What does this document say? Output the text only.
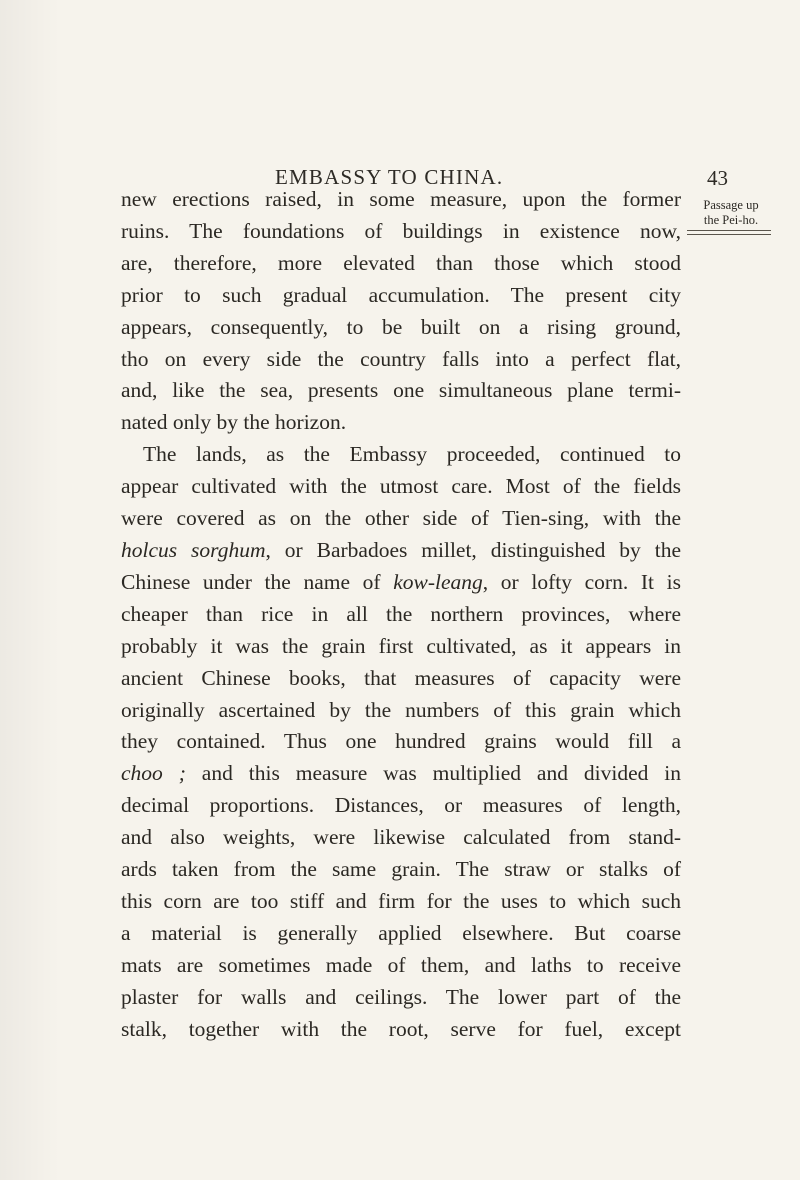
EMBASSY TO CHINA.	43
Passage up
the Pei-ho.
new erections raised, in some measure, upon the former
ruins. The foundations of buildings in existence now,
are, therefore, more elevated than those which stood
prior to such gradual accumulation. The present city
appears, consequently, to be built on a rising ground,
tho on every side the country falls into a perfect flat,
and, like the sea, presents one simultaneous plane termi-
nated only by the horizon.
The lands, as the Embassy proceeded, continued to
appear cultivated with the utmost care. Most of the fields
were covered as on the other side of Tien-sing, with the
holcus sorghum, or Barbadoes millet, distinguished by the
Chinese under the name of kow-leang, or lofty corn. It is
cheaper than rice in all the northern provinces, where
probably it was the grain first cultivated, as it appears in
ancient Chinese books, that measures of capacity were
originally ascertained by the numbers of this grain which
they contained. Thus one hundred grains would fill a
choo ; and this measure was multiplied and divided in
decimal proportions. Distances, or measures of length,
and also weights, were likewise calculated from stand-
ards taken from the same grain. The straw or stalks of
this corn are too stiff and firm for the uses to which such
a material is generally applied elsewhere. But coarse
mats are sometimes made of them, and laths to receive
plaster for walls and ceilings. The lower part of the
stalk, together with the root, serve for fuel, except
